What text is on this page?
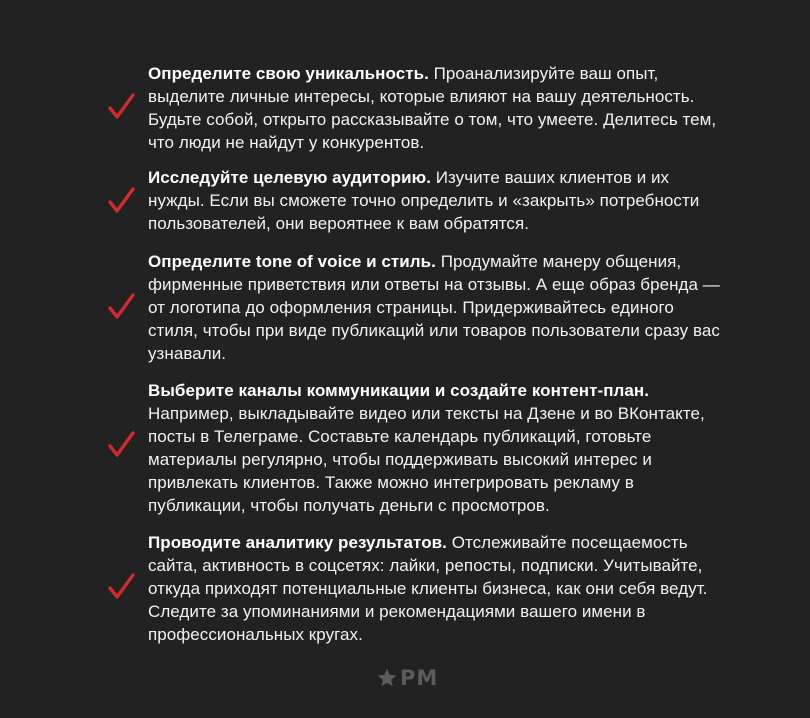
Определите свою уникальность. Проанализируйте ваш опыт, выделите личные интересы, которые влияют на вашу деятельность. Будьте собой, открыто рассказывайте о том, что умеете. Делитесь тем, что люди не найдут у конкурентов.
Исследуйте целевую аудиторию. Изучите ваших клиентов и их нужды. Если вы сможете точно определить и «закрыть» потребности пользователей, они вероятнее к вам обратятся.
Определите tone of voice и стиль. Продумайте манеру общения, фирменные приветствия или ответы на отзывы. А еще образ бренда — от логотипа до оформления страницы. Придерживайтесь единого стиля, чтобы при виде публикаций или товаров пользователи сразу вас узнавали.
Выберите каналы коммуникации и создайте контент-план. Например, выкладывайте видео или тексты на Дзене и во ВКонтакте, посты в Телеграме. Составьте календарь публикаций, готовьте материалы регулярно, чтобы поддерживать высокий интерес и привлекать клиентов. Также можно интегрировать рекламу в публикации, чтобы получать деньги с просмотров.
Проводите аналитику результатов. Отслеживайте посещаемость сайта, активность в соцсетях: лайки, репосты, подписки. Учитывайте, откуда приходят потенциальные клиенты бизнеса, как они себя ведут. Следите за упоминаниями и рекомендациями вашего имени в профессиональных кругах.
PM
